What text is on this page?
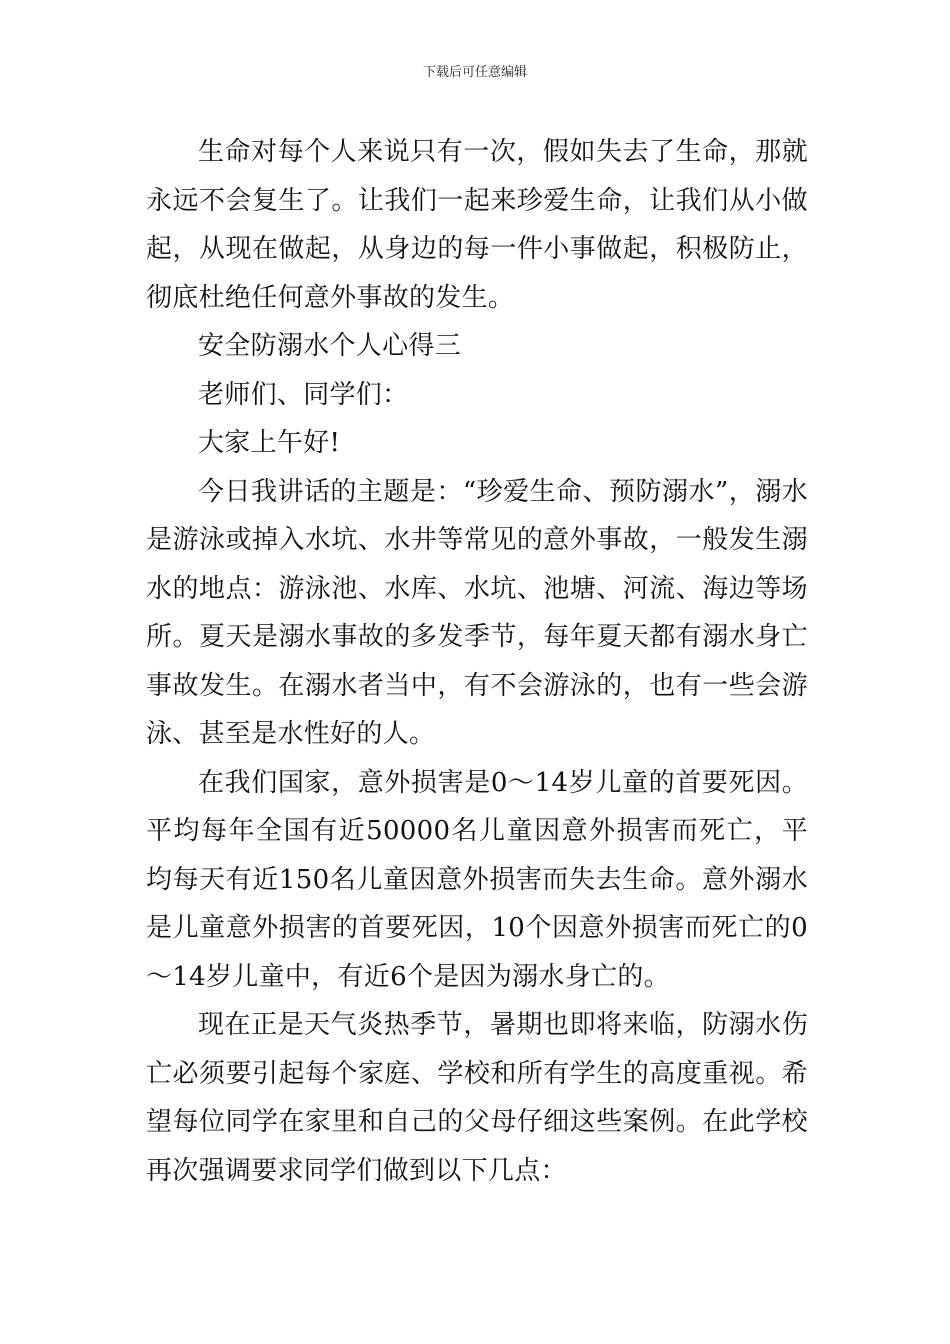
下载后可任意编辑

生命对每个人来说只有一次，假如失去了生命，那就永远不会复生了。让我们一起来珍爱生命，让我们从小做起，从现在做起，从身边的每一件小事做起，积极防止，彻底杜绝任何意外事故的发生。

安全防溺水个人心得三

老师们、同学们：

大家上午好!

今日我讲话的主题是：“珍爱生命、预防溺水”，溺水是游泳或掉入水坑、水井等常见的意外事故，一般发生溺水的地点：游泳池、水库、水坑、池塘、河流、海边等场所。夏天是溺水事故的多发季节，每年夏天都有溺水身亡事故发生。在溺水者当中，有不会游泳的，也有一些会游泳、甚至是水性好的人。

在我们国家，意外损害是0～14岁儿童的首要死因。平均每年全国有近50000名儿童因意外损害而死亡，平均每天有近150名儿童因意外损害而失去生命。意外溺水是儿童意外损害的首要死因，10个因意外损害而死亡的0～14岁儿童中，有近6个是因为溺水身亡的。

现在正是天气炎热季节，暑期也即将来临，防溺水伤亡必须要引起每个家庭、学校和所有学生的高度重视。希望每位同学在家里和自己的父母仔细这些案例。在此学校再次强调要求同学们做到以下几点：
